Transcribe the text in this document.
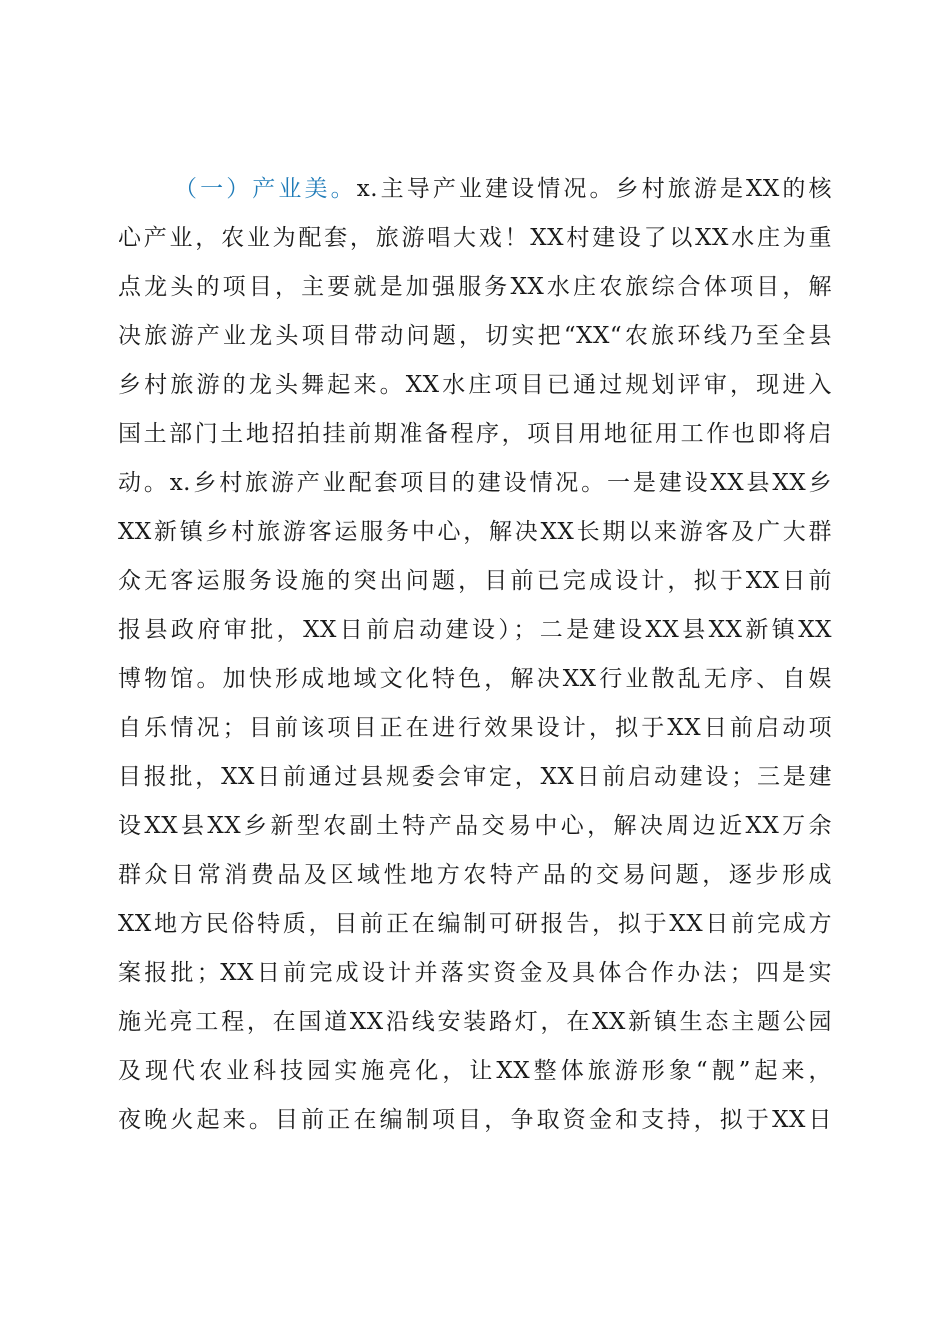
（一）产业美。x.主导产业建设情况。乡村旅游是XX的核
心产业，农业为配套，旅游唱大戏！XX村建设了以XX水庄为重
点龙头的项目，主要就是加强服务XX水庄农旅综合体项目，解
决旅游产业龙头项目带动问题，切实把“XX“农旅环线乃至全县
乡村旅游的龙头舞起来。XX水庄项目已通过规划评审，现进入
国土部门土地招拍挂前期准备程序，项目用地征用工作也即将启
动。x.乡村旅游产业配套项目的建设情况。一是建设XX县XX乡
XX新镇乡村旅游客运服务中心，解决XX长期以来游客及广大群
众无客运服务设施的突出问题，目前已完成设计，拟于XX日前
报县政府审批，XX日前启动建设）；二是建设XX县XX新镇XX
博物馆。加快形成地域文化特色，解决XX行业散乱无序、自娱
自乐情况；目前该项目正在进行效果设计，拟于XX日前启动项
目报批，XX日前通过县规委会审定，XX日前启动建设；三是建
设XX县XX乡新型农副土特产品交易中心，解决周边近XX万余
群众日常消费品及区域性地方农特产品的交易问题，逐步形成
XX地方民俗特质，目前正在编制可研报告，拟于XX日前完成方
案报批；XX日前完成设计并落实资金及具体合作办法；四是实
施光亮工程，在国道XX沿线安装路灯，在XX新镇生态主题公园
及现代农业科技园实施亮化，让XX整体旅游形象“靓”起来，
夜晚火起来。目前正在编制项目，争取资金和支持，拟于XX日
